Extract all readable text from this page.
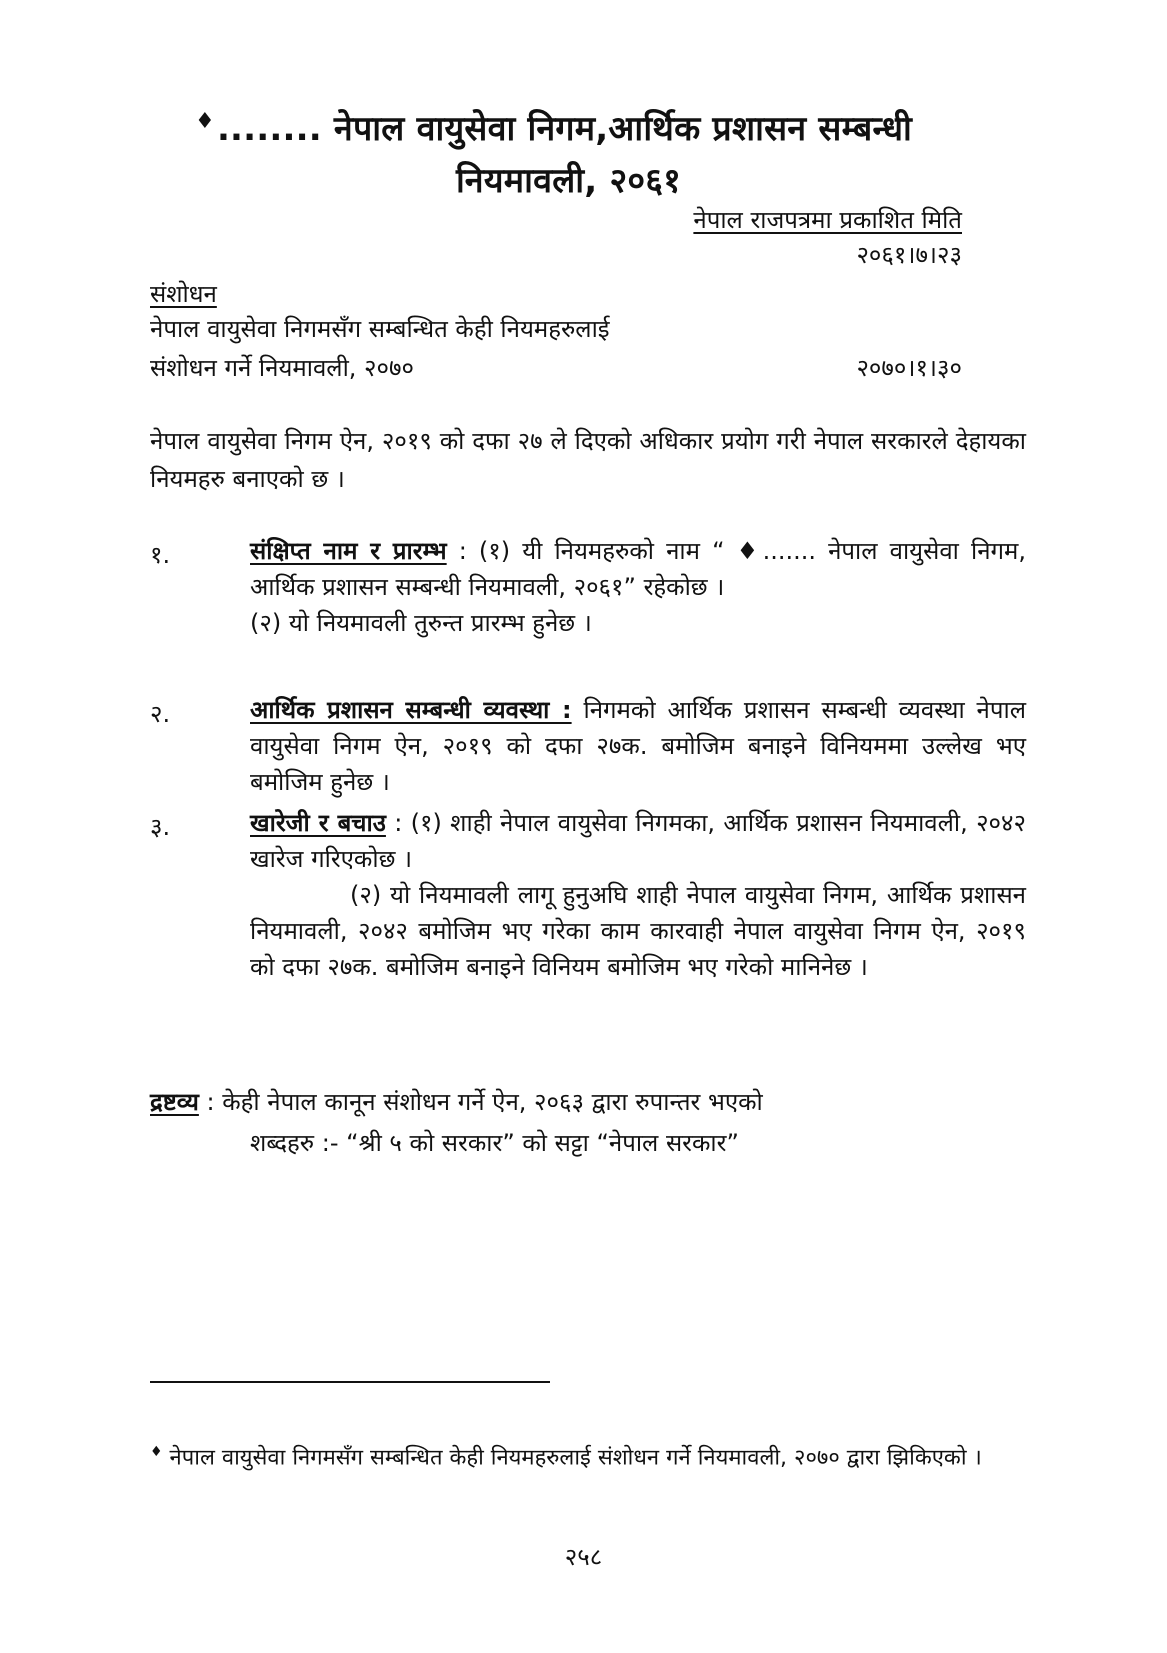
♦........ नेपाल वायुसेवा निगम,आर्थिक प्रशासन सम्बन्धी
नियमावली, २०६१
नेपाल राजपत्रमा प्रकाशित मिति
२०६१।७।२३
संशोधन
नेपाल वायुसेवा निगमसँग सम्बन्धित केही नियमहरुलाई
संशोधन गर्ने नियमावली, २०७०	२०७०।१।३०
नेपाल वायुसेवा निगम ऐन, २०१९ को दफा २७ ले दिएको अधिकार प्रयोग गरी नेपाल सरकारले देहायका नियमहरु बनाएको छ ।
१.	संक्षिप्त नाम र प्रारम्भ : (१) यी नियमहरुको नाम “ ♦....... नेपाल वायुसेवा निगम, आर्थिक प्रशासन सम्बन्धी नियमावली, २०६१” रहेकोछ ।

(२) यो नियमावली तुरुन्त प्रारम्भ हुनेछ ।

२.	आर्थिक प्रशासन सम्बन्धी व्यवस्था : निगमको आर्थिक प्रशासन सम्बन्धी व्यवस्था नेपाल वायुसेवा निगम ऐन, २०१९ को दफा २७क. बमोजिम बनाइने विनियममा उल्लेख भए बमोजिम हुनेछ ।

३.	खारेजी र बचाउ : (१) शाही नेपाल वायुसेवा निगमका, आर्थिक प्रशासन नियमावली, २०४२ खारेज गरिएकोछ ।

(२) यो नियमावली लागू हुनुअघि शाही नेपाल वायुसेवा निगम, आर्थिक प्रशासन नियमावली, २०४२ बमोजिम भए गरेका काम कारवाही नेपाल वायुसेवा निगम ऐन, २०१९ को दफा २७क. बमोजिम बनाइने विनियम बमोजिम भए गरेको मानिनेछ ।

द्रष्टव्य : केही नेपाल कानून संशोधन गर्ने ऐन, २०६३ द्वारा रुपान्तर भएको
शब्दहरु :- “श्री ५ को सरकार” को सट्टा “नेपाल सरकार”
♦ नेपाल वायुसेवा निगमसँग सम्बन्धित केही नियमहरुलाई संशोधन गर्ने नियमावली, २०७० द्वारा झिकिएको ।
२५८
